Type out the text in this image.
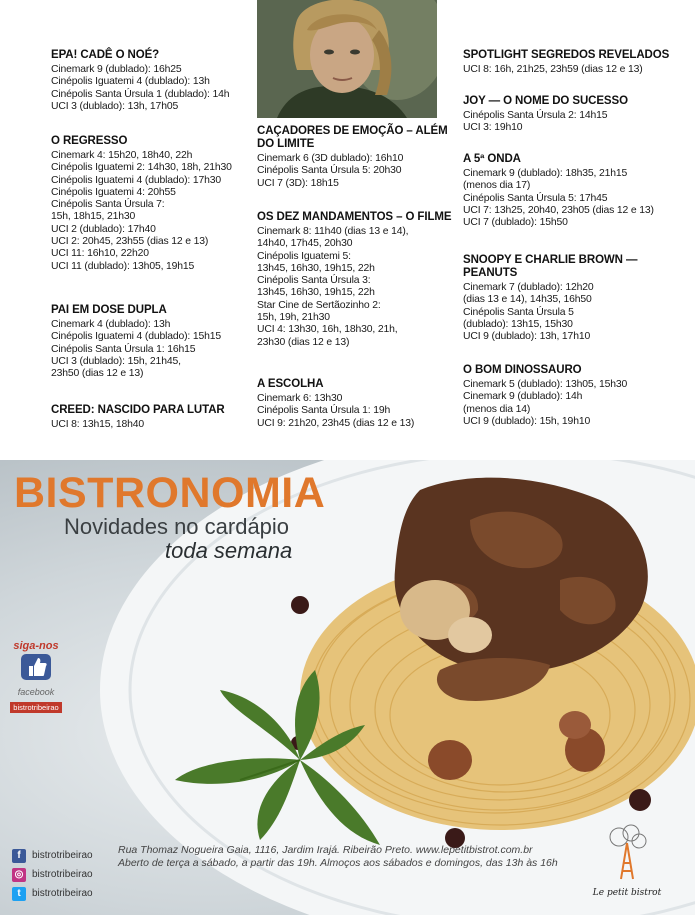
EPA! CADÊ O NOÉ?
Cinemark 9 (dublado): 16h25
Cinépolis Iguatemi 4 (dublado): 13h
Cinépolis Santa Úrsula 1 (dublado): 14h
UCI 3 (dublado): 13h, 17h05
O REGRESSO
Cinemark 4: 15h20, 18h40, 22h
Cinépolis Iguatemi 2: 14h30, 18h, 21h30
Cinépolis Iguatemi 4 (dublado): 17h30
Cinépolis Iguatemi 4: 20h55
Cinépolis Santa Úrsula 7:
15h, 18h15, 21h30
UCI 2 (dublado): 17h40
UCI 2: 20h45, 23h55 (dias 12 e 13)
UCI 11: 16h10, 22h20
UCI 11 (dublado): 13h05, 19h15
PAI EM DOSE DUPLA
Cinemark 4 (dublado): 13h
Cinépolis Iguatemi 4 (dublado): 15h15
Cinépolis Santa Úrsula 1: 16h15
UCI 3 (dublado): 15h, 21h45,
23h50 (dias 12 e 13)
CREED: NASCIDO PARA LUTAR
UCI 8: 13h15, 18h40
CAÇADORES DE EMOÇÃO – ALÉM DO LIMITE
Cinemark 6 (3D dublado): 16h10
Cinépolis Santa Úrsula 5: 20h30
UCI 7 (3D): 18h15
OS DEZ MANDAMENTOS – O FILME
Cinemark 8: 11h40 (dias 13 e 14),
14h40, 17h45, 20h30
Cinépolis Iguatemi 5:
13h45, 16h30, 19h15, 22h
Cinépolis Santa Úrsula 3:
13h45, 16h30, 19h15, 22h
Star Cine de Sertãozinho 2:
15h, 19h, 21h30
UCI 4: 13h30, 16h, 18h30, 21h,
23h30 (dias 12 e 13)
A ESCOLHA
Cinemark 6: 13h30
Cinépolis Santa Úrsula 1: 19h
UCI 9: 21h20, 23h45 (dias 12 e 13)
SPOTLIGHT SEGREDOS REVELADOS
UCI 8: 16h, 21h25, 23h59 (dias 12 e 13)
JOY — O NOME DO SUCESSO
Cinépolis Santa Úrsula 2: 14h15
UCI 3: 19h10
A 5ª ONDA
Cinemark 9 (dublado): 18h35, 21h15
(menos dia 17)
Cinépolis Santa Úrsula 5: 17h45
UCI 7: 13h25, 20h40, 23h05 (dias 12 e 13)
UCI 7 (dublado): 15h50
SNOOPY E CHARLIE BROWN — PEANUTS
Cinemark 7 (dublado): 12h20
(dias 13 e 14), 14h35, 16h50
Cinépolis Santa Úrsula 5
(dublado): 13h15, 15h30
UCI 9 (dublado): 13h, 17h10
O BOM DINOSSAURO
Cinemark 5 (dublado): 13h05, 15h30
Cinemark 9 (dublado): 14h
(menos dia 14)
UCI 9 (dublado): 15h, 19h10
BISTRONOMIA
Novidades no cardápio
toda semana
siga-nos
facebook
bistrotribeirao
f bistrotribeirao
◎ bistrotribeirao
t bistrotribeirao
Rua Thomaz Nogueira Gaia, 1116, Jardim Irajá. Ribeirão Preto. www.lepetitbistrot.com.br
Aberto de terça a sábado, a partir das 19h. Almoços aos sábados e domingos, das 13h às 16h
Le petit bistrot
